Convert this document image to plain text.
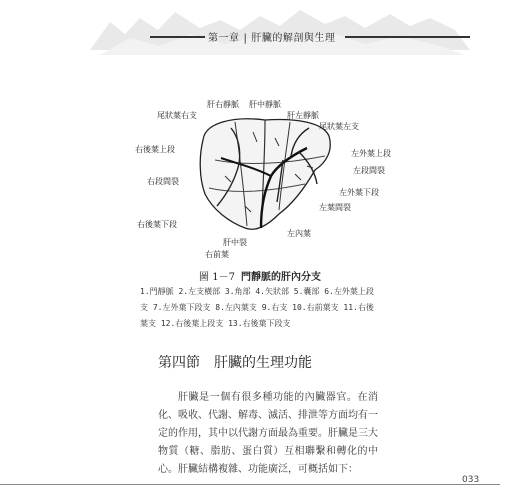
第一章 | 肝臟的解剖與生理
尾狀葉右支
肝右靜脈 肝中靜脈
肝左靜脈
尾狀葉左支
右後葉上段
右段間裂
右後葉下段
右前葉
肝中裂
左內葉
左外葉上段
左段間裂
左外葉下段
左葉間裂
圖 1－7 門靜脈的肝內分支
1.門靜脈 2.左支橫部 3.角部 4.矢狀部 5.囊部 6.左外葉上段支 7.左外葉下段支 8.左內葉支 9.右支 10.右前葉支 11.右後葉支 12.右後葉上段支 13.右後葉下段支
第四節 肝臟的生理功能

肝臟是一個有很多種功能的內臟器官。在消化、吸收、代謝、解毒、滅活、排泄等方面均有一定的作用，其中以代謝方面最為重要。肝臟是三大物質（糖、脂肪、蛋白質）互相聯繫和轉化的中心。肝臟結構複雜、功能廣泛，可概括如下：

033
